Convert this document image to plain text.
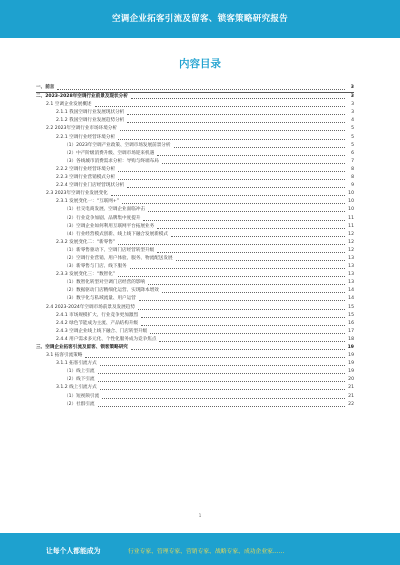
空调企业拓客引流及留客、锁客策略研究报告
内容目录
一、前言	3
二、2023-2028年空调行业前景及现状分析	3
2.1 空调企业发展概述	3
2.1.1 我国空调行业发展现状分析	3
2.1.2 我国空调行业发展趋势分析	4
2.2 2023年空调行业市场环境分析	5
2.2.1 空调行业经营环境分析	5
（1）2023年空调产业政策、空调市场发展前景分析	5
（2）中产阶级消费升级、空调市场迎来机遇	6
（3）各线城市消费需求分析：导购与终端布局	7
2.2.2 空调行业经营环境分析	8
2.2.3 空调行业营销模式分析	8
2.2.4 空调行业门店经营现状分析	9
2.3 2023年空调行业发展变化	10
2.3.1 发展变化一：“互联网+”	10
（1）社交电商发展、空调企业面临冲击	10
（2）行业竞争加剧、品牌集中度提升	11
（3）空调企业如何利用互联网平台拓展业务	11
（4）行业经营模式创新、线上线下融合发展新模式	12
2.3.2 发展变化二：“新零售”	12
（1）新零售驱动下、空调门店经营转型升级	12
（2）空调行业营销、用户体验、服务、物流配送发展	13
（3）新零售与门店、线下服务	13
2.3.3 发展变化三：“数智化”	13
（1）数智化转型对空调门店经营的影响	13
（2）数据驱动门店精细化运营、实现降本增效	14
（3）数字化与私域流量、用户运营	14
2.4 2023-2024年空调市场前景及发展趋势	15
2.4.1 市场规模扩大、行业竞争更加激烈	15
2.4.2 绿色节能成为主流、产品结构升级	16
2.4.3 空调企业线上线下融合、门店转型升级	17
2.4.4 用户需求多元化、个性化服务成为竞争焦点	18
三、空调企业拓客引流及留客、锁客策略研究	19
3.1 拓客引流策略	19
3.1.1 拓客引流方式	19
（1）线上引流	19
（2）线下引流	20
3.1.2 线上引流方式	21
（1）短视频引流	21
（2）社群引流	22
1
让每个人都能成为	行业专家、管理专家、营销专家、战略专家、成功企业家……
